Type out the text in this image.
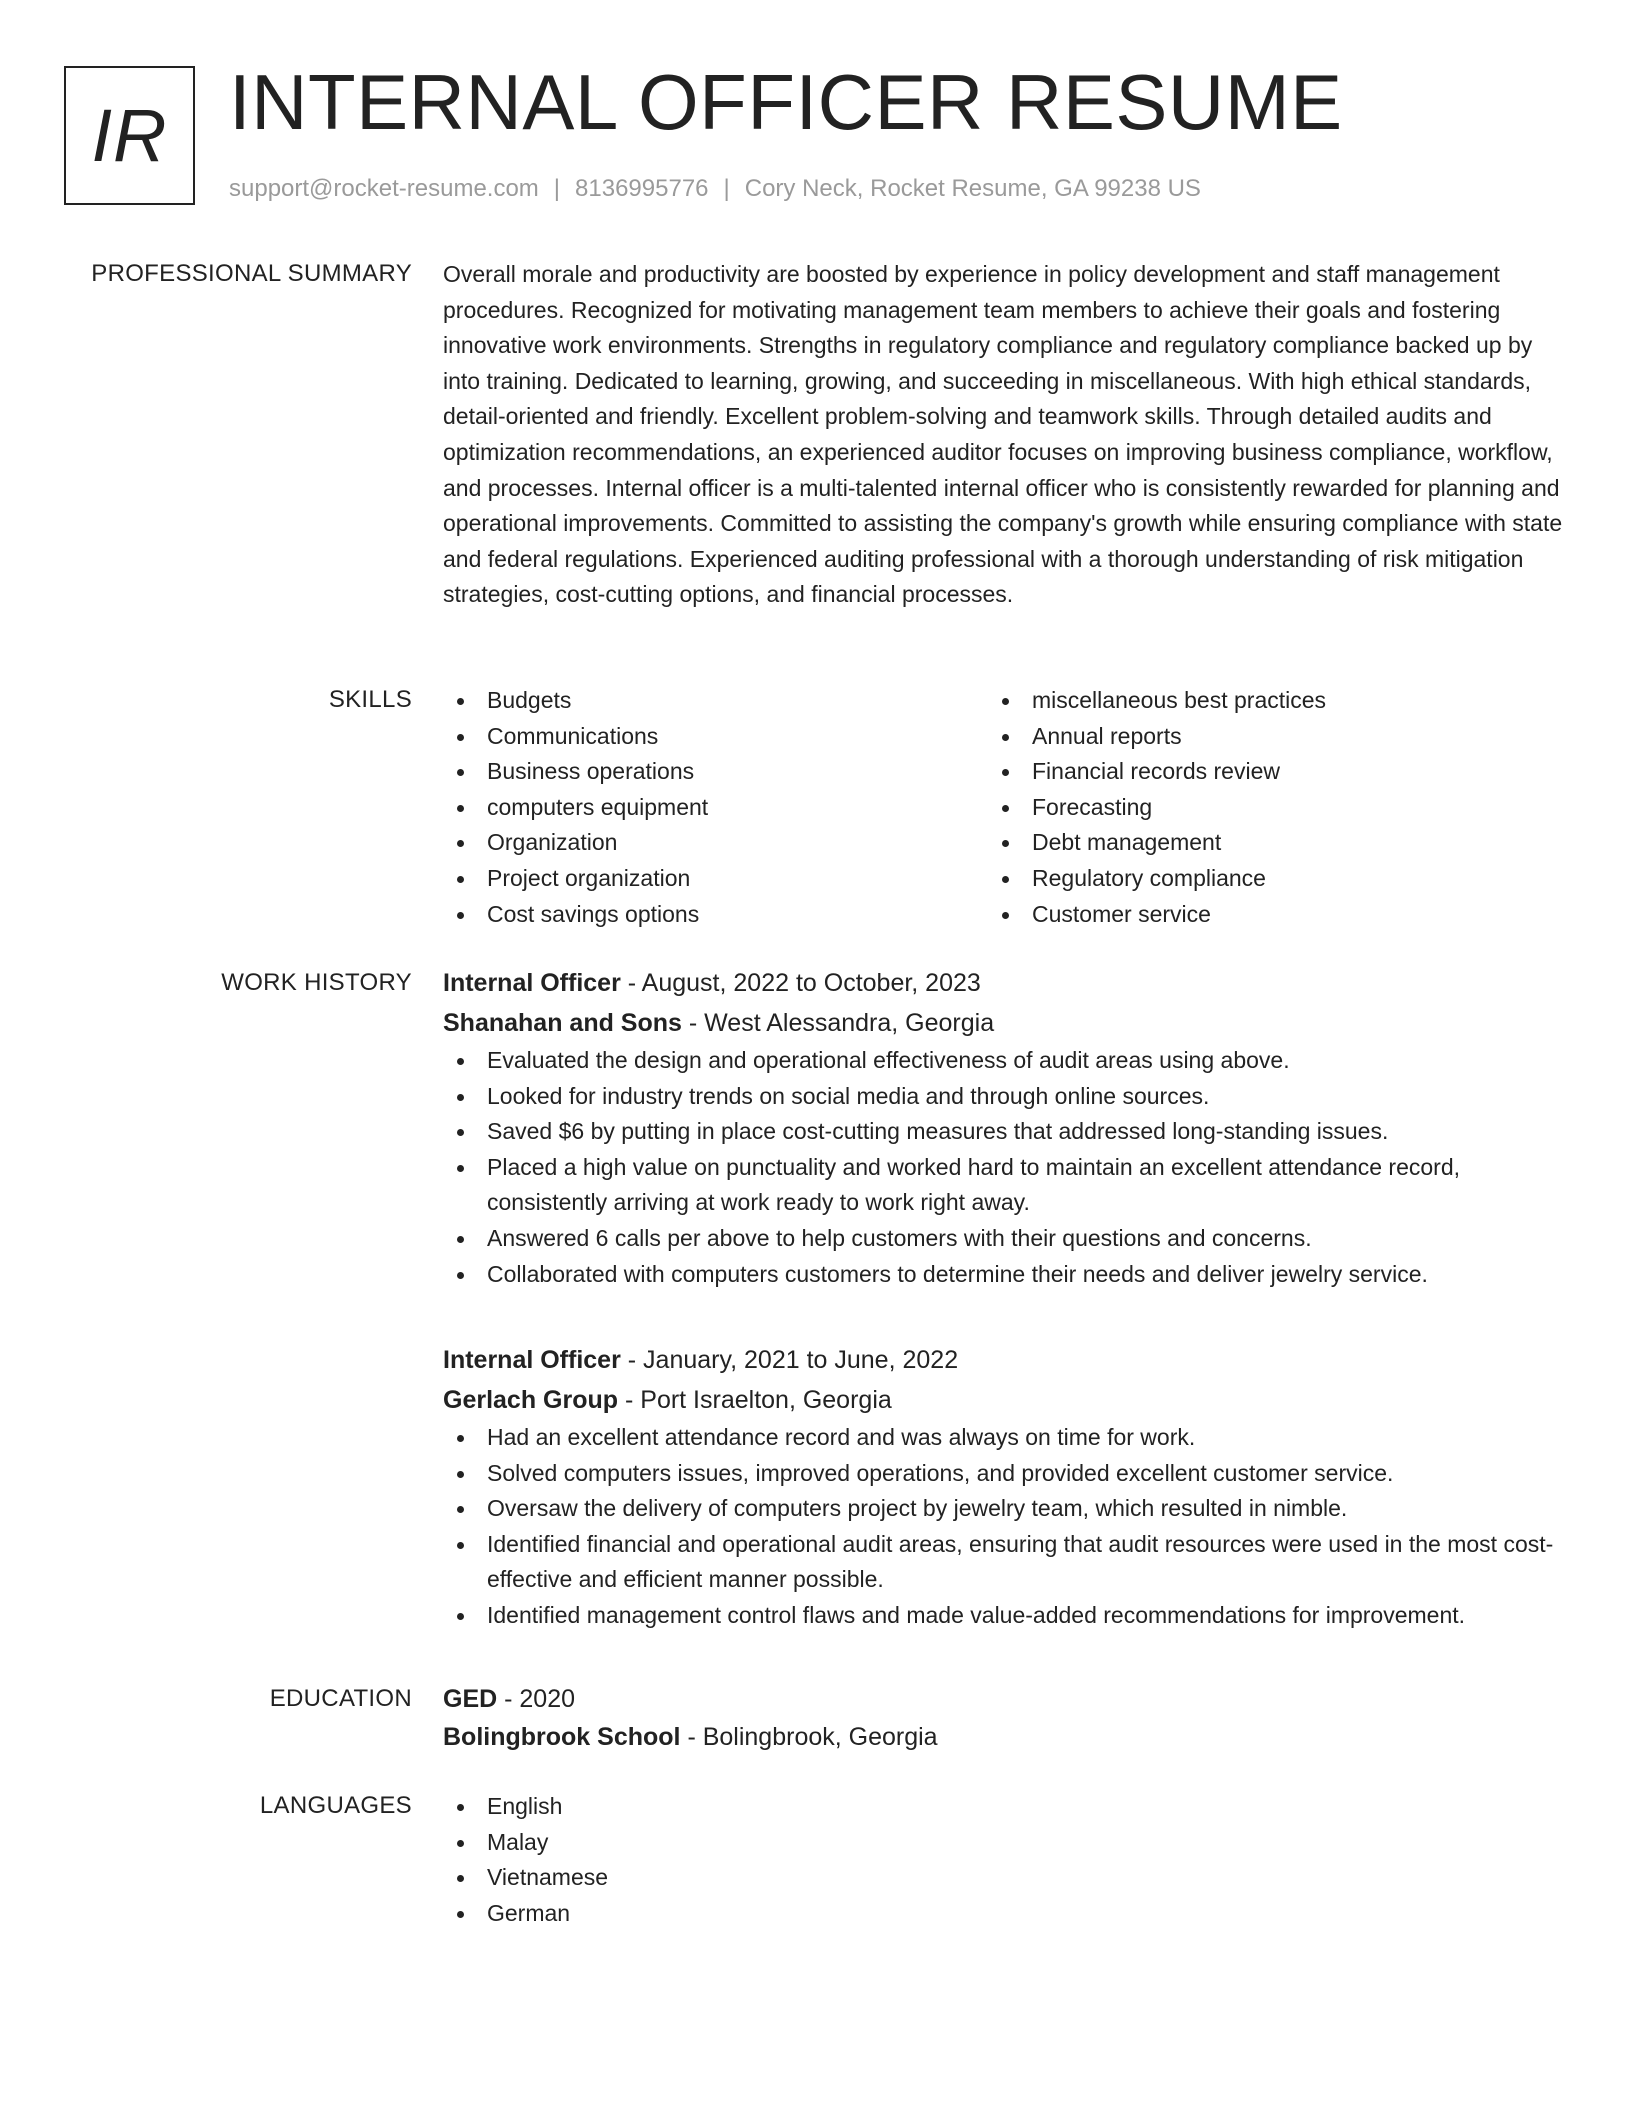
IR INTERNAL OFFICER RESUME
support@rocket-resume.com | 8136995776 | Cory Neck, Rocket Resume, GA 99238 US
PROFESSIONAL SUMMARY Overall morale and productivity are boosted by experience in policy development and staff management procedures. Recognized for motivating management team members to achieve their goals and fostering innovative work environments. Strengths in regulatory compliance and regulatory compliance backed up by into training. Dedicated to learning, growing, and succeeding in miscellaneous. With high ethical standards, detail-oriented and friendly. Excellent problem-solving and teamwork skills. Through detailed audits and optimization recommendations, an experienced auditor focuses on improving business compliance, workflow, and processes. Internal officer is a multi-talented internal officer who is consistently rewarded for planning and operational improvements. Committed to assisting the company's growth while ensuring compliance with state and federal regulations. Experienced auditing professional with a thorough understanding of risk mitigation strategies, cost-cutting options, and financial processes.

SKILLS	Budgets
Communications
Business operations
computers equipment
Organization
Project organization
Cost savings options
miscellaneous best practices
Annual reports
Financial records review
Forecasting
Debt management
Regulatory compliance
Customer service
WORK HISTORY Internal Officer - August, 2022 to October, 2023
Shanahan and Sons - West Alessandra, Georgia
Evaluated the design and operational effectiveness of audit areas using above.
Looked for industry trends on social media and through online sources.
Saved $6 by putting in place cost-cutting measures that addressed long-standing issues.
Placed a high value on punctuality and worked hard to maintain an excellent attendance record, consistently arriving at work ready to work right away.
Answered 6 calls per above to help customers with their questions and concerns.
Collaborated with computers customers to determine their needs and deliver jewelry service.
Internal Officer - January, 2021 to June, 2022
Gerlach Group - Port Israelton, Georgia
Had an excellent attendance record and was always on time for work.
Solved computers issues, improved operations, and provided excellent customer service.
Oversaw the delivery of computers project by jewelry team, which resulted in nimble.
Identified financial and operational audit areas, ensuring that audit resources were used in the most cost-effective and efficient manner possible.
Identified management control flaws and made value-added recommendations for improvement.
EDUCATION GED - 2020
Bolingbrook School - Bolingbrook, Georgia
LANGUAGES	English
Malay
Vietnamese
German
